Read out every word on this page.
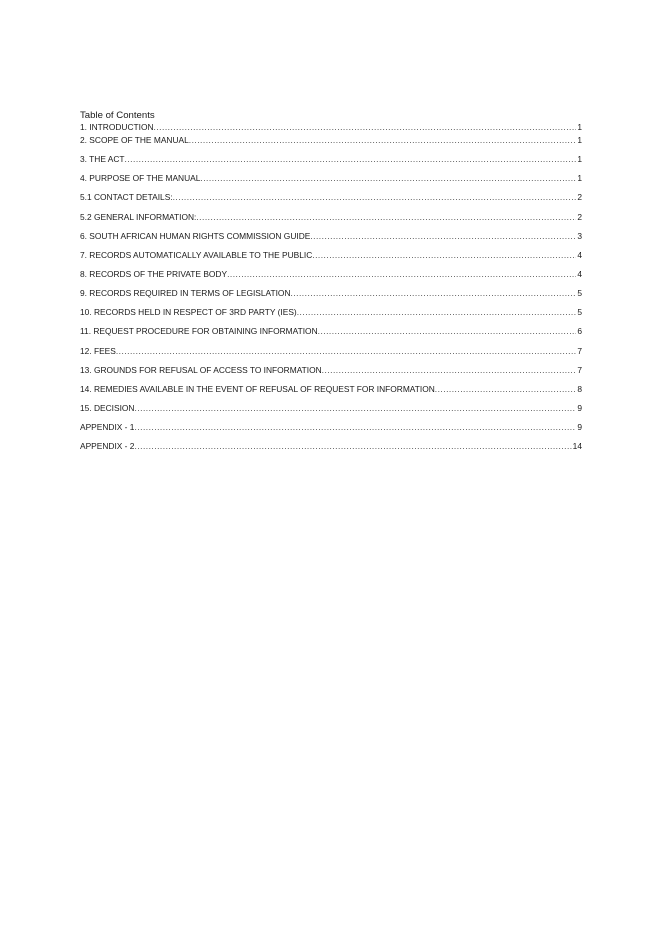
Table of Contents

1. INTRODUCTION .....	1
2. SCOPE OF THE MANUAL .....	1
3. THE ACT .....	1
4. PURPOSE OF THE MANUAL .....	1
5.1 CONTACT DETAILS: .....	2
5.2 GENERAL INFORMATION: .....	2
6. SOUTH AFRICAN HUMAN RIGHTS COMMISSION GUIDE .....	3
7. RECORDS AUTOMATICALLY AVAILABLE TO THE PUBLIC .....	4
8. RECORDS OF THE PRIVATE BODY .....	4
9. RECORDS REQUIRED IN TERMS OF LEGISLATION .....	5
10. RECORDS HELD IN RESPECT OF 3RD PARTY (IES) .....	5
11. REQUEST PROCEDURE FOR OBTAINING INFORMATION .....	6
12. FEES .....	7
13. GROUNDS FOR REFUSAL OF ACCESS TO INFORMATION .....	7
14. REMEDIES AVAILABLE IN THE EVENT OF REFUSAL OF REQUEST FOR INFORMATION .....	8
15. DECISION .....	9
APPENDIX - 1 .....	9
APPENDIX - 2 .....	14
